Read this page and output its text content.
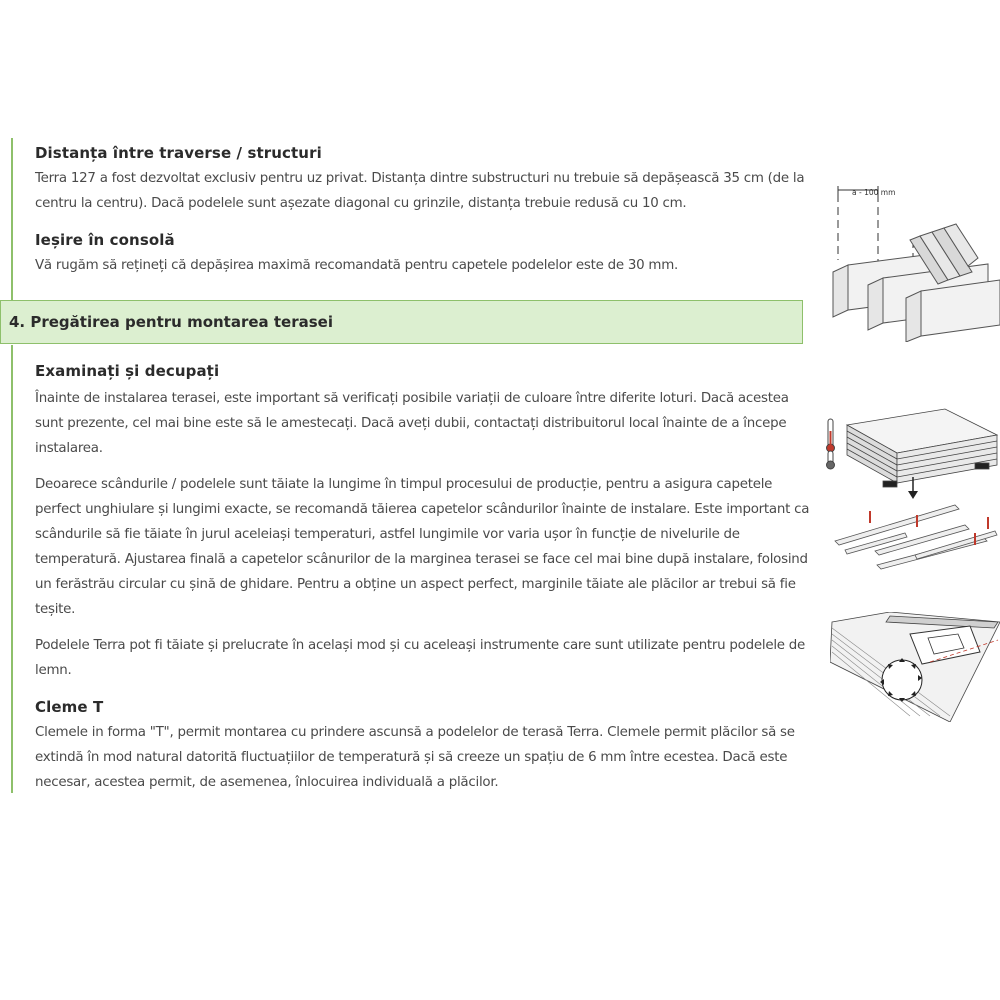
Distanța între traverse / structuri
Terra 127 a fost dezvoltat exclusiv pentru uz privat. Distanța dintre substructuri nu trebuie să depășească 35 cm (de la centru la centru). Dacă podelele sunt așezate diagonal cu grinzile, distanța trebuie redusă cu 10 cm.
Ieșire în consolă
Vă rugăm să rețineți că depășirea maximă recomandată pentru capetele podelelor este de 30 mm.
4. Pregătirea pentru montarea terasei
Examinați și decupați
Înainte de instalarea terasei, este important să verificați posibile variații de culoare între diferite loturi. Dacă acestea sunt prezente, cel mai bine este să le amestecați. Dacă aveți dubii, contactați distribuitorul local înainte de a începe instalarea.
Deoarece scândurile / podelele sunt tăiate la lungime în timpul procesului de producție, pentru a asigura capetele perfect unghiulare și lungimi exacte, se recomandă tăierea capetelor scândurilor înainte de instalare. Este important ca scândurile să fie tăiate în jurul aceleiași temperaturi, astfel lungimile vor varia ușor în funcție de nivelurile de temperatură. Ajustarea finală a capetelor scânurilor de la marginea terasei se face cel mai bine după instalare, folosind un ferăstrău circular cu șină de ghidare. Pentru a obține un aspect perfect, marginile tăiate ale plăcilor ar trebui să fie teșite.
Podelele Terra pot fi tăiate și prelucrate în același mod și cu aceleași instrumente care sunt utilizate pentru podelele de lemn.
Cleme T
Clemele in forma "T", permit montarea cu prindere ascunsă a podelelor de terasă Terra. Clemele permit plăcilor să se extindă în mod natural datorită fluctuațiilor de temperatură și să creeze un spațiu de 6 mm între ecestea. Dacă este necesar, acestea permit, de asemenea, înlocuirea individuală a plăcilor.
a - 100 mm
